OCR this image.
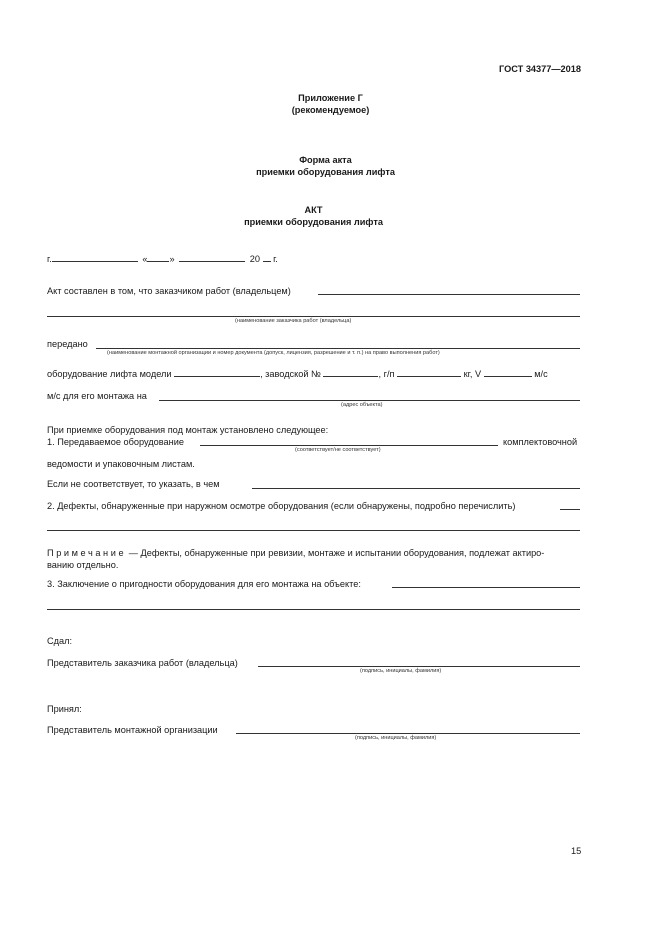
ГОСТ 34377—2018
Приложение Г
(рекомендуемое)
Форма акта
приемки оборудования лифта
АКТ
приемки оборудования лифта
г.	« »	20 г.
Акт составлен в том, что заказчиком работ (владельцем)
(наименование заказчика работ (владельца)
передано
(наименование монтажной организации и номер документа (допуск, лицензия, разрешение и т. п.) на право выполнения работ)
оборудование лифта модели	, заводской №	, г/п	кг, V	м/с
м/с для его монтажа на
(адрес объекта)
При приемке оборудования под монтаж установлено следующее:
1. Передаваемое оборудование	комплектовочной
(соответствует/не соответствует)
ведомости и упаковочным листам.
Если не соответствует, то указать, в чем
2. Дефекты, обнаруженные при наружном осмотре оборудования (если обнаружены, подробно перечислить)
Примечание — Дефекты, обнаруженные при ревизии, монтаже и испытании оборудования, подлежат актиро-
ванию отдельно.
3. Заключение о пригодности оборудования для его монтажа на объекте:
Сдал:
Представитель заказчика работ (владельца)
(подпись, инициалы, фамилия)
Принял:
Представитель монтажной организации
(подпись, инициалы, фамилия)
15
